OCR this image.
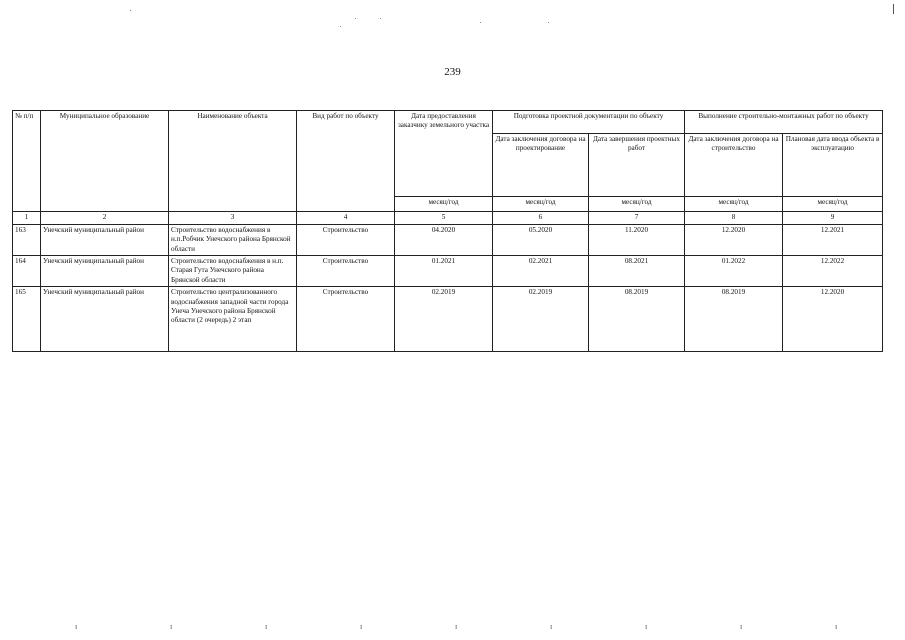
239
№ п/п	Муниципальное образование	Наименование объекта	Вид работ по объекту	Дата предоставления заказчику земельного участка	Подготовка проектной документации по объекту		Выполнение строительно-монтажных работ по объекту	
					Дата заключения договора на проектирование	Дата завершения проектных работ	Дата заключения договора на строительство	Плановая дата ввода объекта в эксплуатацию
				месяц/год	месяц/год	месяц/год	месяц/год	месяц/год
1	2	3	4	5	6	7	8	9
163	Унечский муниципальный район	Строительство водоснабжения в н.п.Робчик Унечского района Брянской области	Строительство	04.2020	05.2020	11.2020	12.2020	12.2021
164	Унечский муниципальный район	Строительство водоснабжения в н.п. Старая Гута Унечского района Брянской области	Строительство	01.2021	02.2021	08.2021	01.2022	12.2022
165	Унечский муниципальный район	Строительство централизованного водоснабжения западной части города Унеча Унечского района Брянской области (2 очередь) 2 этап	Строительство	02.2019	02.2019	08.2019	08.2019	12.2020
ɪ	ɪ	ɪ	ɪ	ɪ	ɪ	ɪ	ɪ	ɪ
